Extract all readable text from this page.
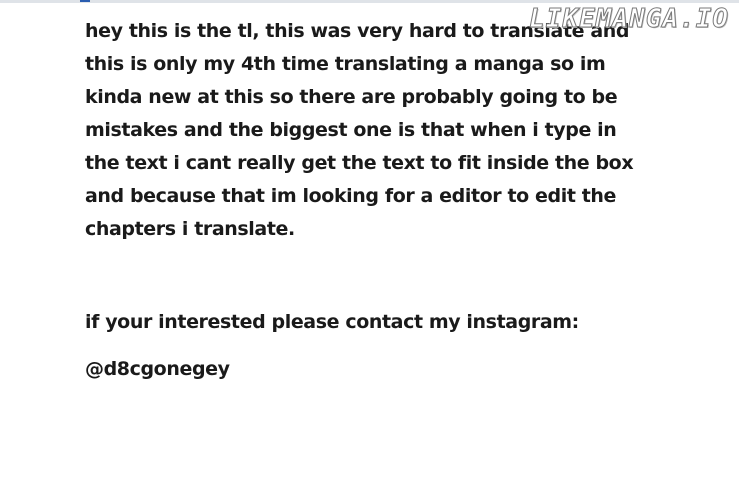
hey this is the tl, this was very hard to translate and this is only my 4th time translating a manga so im kinda new at this so there are probably going to be mistakes and the biggest one is that when i type in the text i cant really get the text to fit inside the box and because that im looking for a editor to edit the chapters i translate.

if your interested please contact my instagram:

@d8cgonegey

LIKEMANGA.IO
